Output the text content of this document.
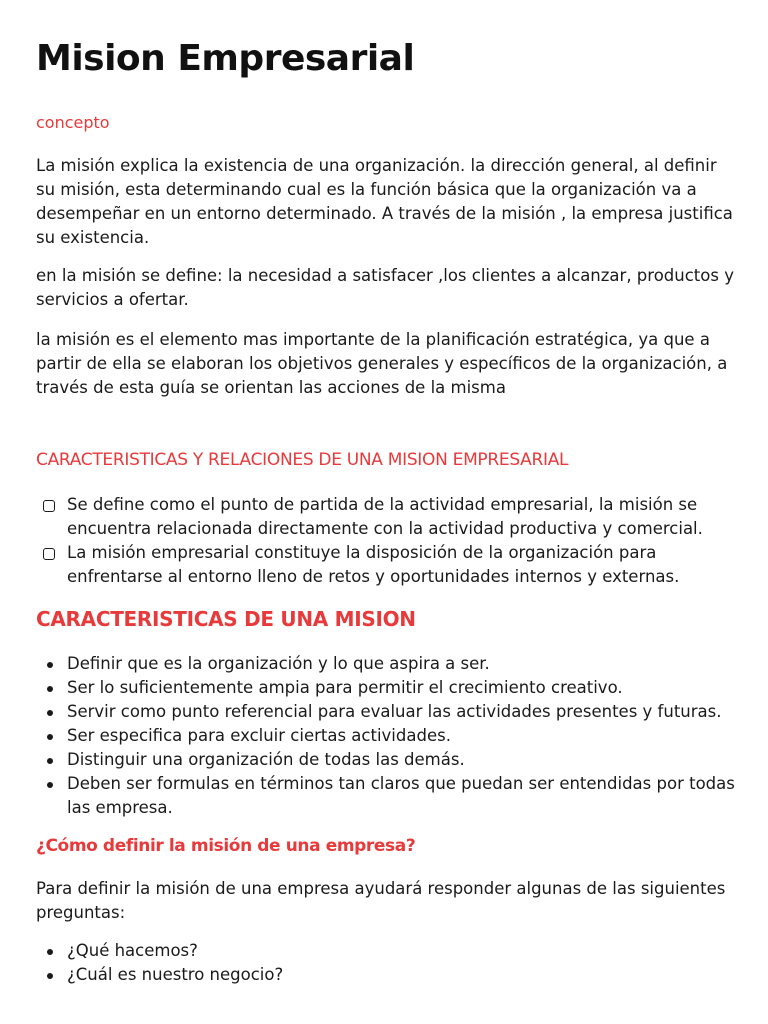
Mision Empresarial
concepto

La misión explica la existencia de una organización. la dirección general, al definir su misión, esta determinando cual es la función básica que la organización va a desempeñar en un entorno determinado. A través de la misión , la empresa justifica su existencia.

en la misión se define: la necesidad a satisfacer ,los clientes a alcanzar, productos y servicios a ofertar.

la misión es el elemento mas importante de la planificación estratégica, ya que a partir de ella se elaboran los objetivos generales y específicos de la organización, a través de esta guía se orientan las acciones de la misma

CARACTERISTICAS Y RELACIONES DE UNA MISION EMPRESARIAL
Se define como el punto de partida de la actividad empresarial, la misión se encuentra relacionada directamente con la actividad productiva y comercial.
La misión empresarial constituye la disposición de la organización para enfrentarse al entorno lleno de retos y oportunidades internos y externas.
CARACTERISTICAS DE UNA MISION
Definir que es la organización y lo que aspira a ser.
Ser lo suficientemente ampia para permitir el crecimiento creativo.
Servir como punto referencial para evaluar las actividades presentes y futuras.
Ser especifica para excluir ciertas actividades.
Distinguir una organización de todas las demás.
Deben ser formulas en términos tan claros que puedan ser entendidas por todas las empresa.
¿Cómo definir la misión de una empresa?

Para definir la misión de una empresa ayudará responder algunas de las siguientes preguntas:

¿Qué hacemos?
¿Cuál es nuestro negocio?
